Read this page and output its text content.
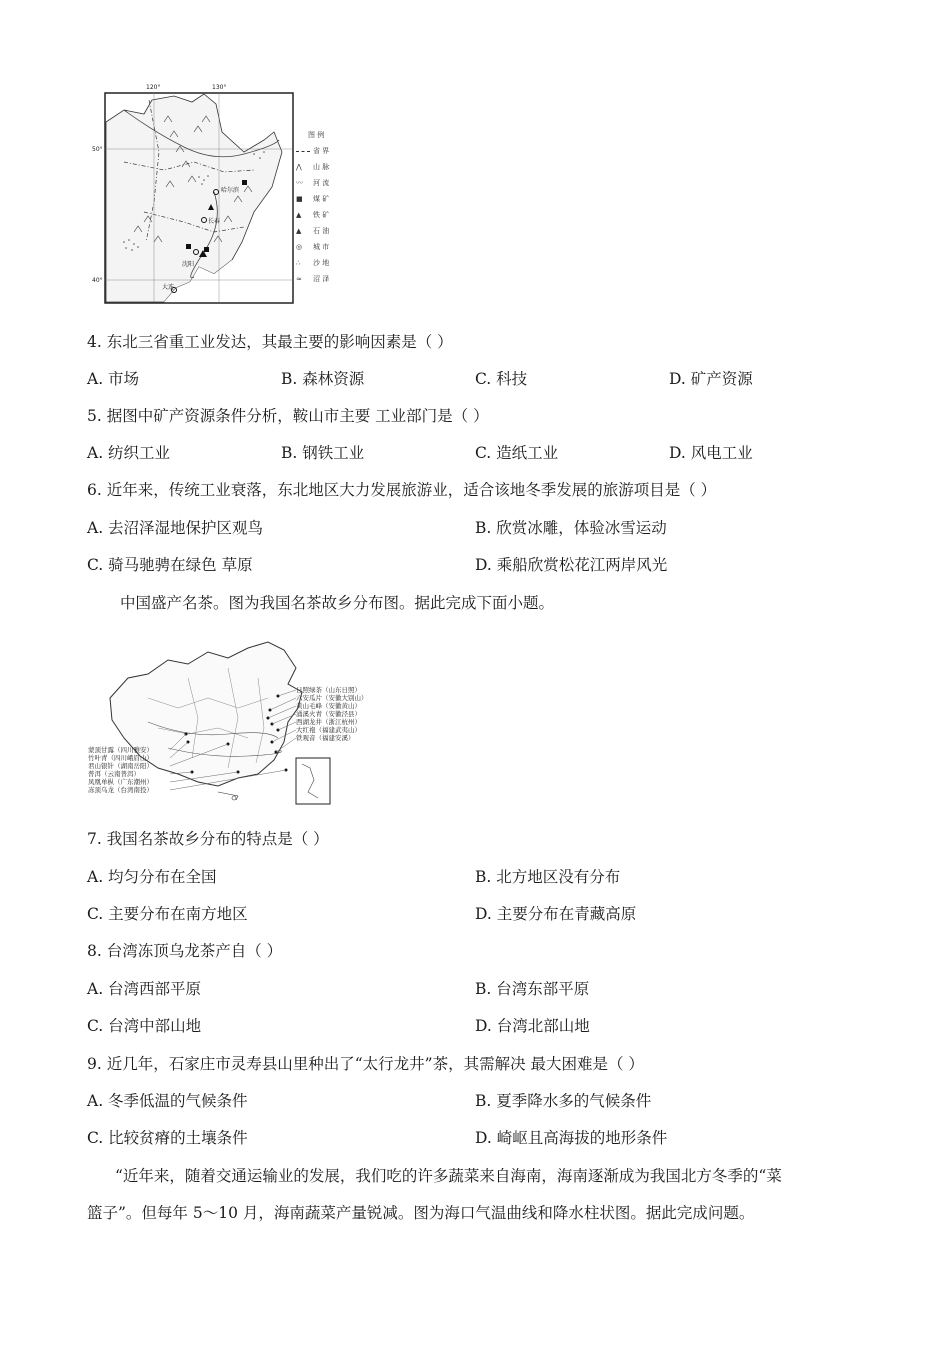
120°	130°
50°
40°
哈尔滨
长春
沈阳
大连
图 例
省 界
⋀ 山 脉
〰 河 流
■ 煤 矿
▲ 铁 矿
▲ 石 油
◎ 城 市
∴ 沙 地
≈ 沼 泽
4. 东北三省重工业发达，其最主要的影响因素是（ ）
A. 市场	B. 森林资源	C. 科技	D. 矿产资源
5. 据图中矿产资源条件分析，鞍山市主要 工业部门是（ ）
A. 纺织工业	B. 钢铁工业	C. 造纸工业	D. 风电工业
6. 近年来，传统工业衰落，东北地区大力发展旅游业，适合该地冬季发展的旅游项目是（ ）
A. 去沼泽湿地保护区观鸟	B. 欣赏冰雕，体验冰雪运动
C. 骑马驰骋在绿色 草原	D. 乘船欣赏松花江两岸风光
中国盛产名茶。图为我国名茶故乡分布图。据此完成下面小题。
日照绿茶（山东日照）
六安瓜片（安徽大别山）
黄山毛峰（安徽黄山）
涌溪火青（安徽泾县）
西湖龙井（浙江杭州）
大红袍（福建武夷山）
铁观音（福建安溪）
蒙顶甘露（四川雅安）
竹叶青（四川峨眉山）
君山银针（湖南岳阳）
普洱（云南普洱）
凤凰单枞（广东潮州）
冻顶乌龙（台湾南投）
7. 我国名茶故乡分布的特点是（ ）
A. 均匀分布在全国	B. 北方地区没有分布
C. 主要分布在南方地区	D. 主要分布在青藏高原
8. 台湾冻顶乌龙茶产自（ ）
A. 台湾西部平原	B. 台湾东部平原
C. 台湾中部山地	D. 台湾北部山地
9. 近几年，石家庄市灵寿县山里种出了“太行龙井”茶，其需解决 最大困难是（ ）
A. 冬季低温的气候条件	B. 夏季降水多的气候条件
C. 比较贫瘠的土壤条件	D. 崎岖且高海拔的地形条件
“近年来，随着交通运输业的发展，我们吃的许多蔬菜来自海南，海南逐渐成为我国北方冬季的“菜
篮子”。但每年 5～10 月，海南蔬菜产量锐减。图为海口气温曲线和降水柱状图。据此完成问题。
